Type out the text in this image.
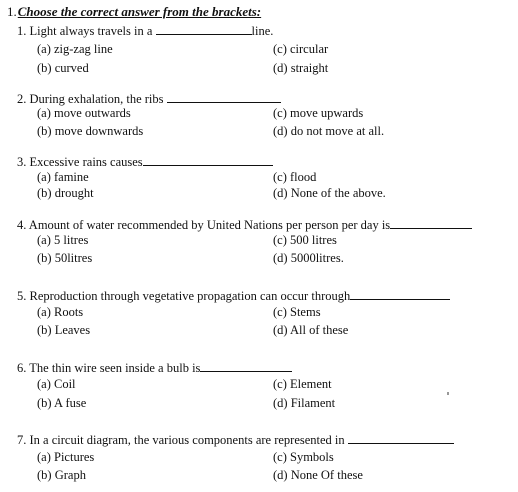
1.Choose the correct answer from the brackets:
1. Light always travels in a	line.
(a) zig-zag line	(c) circular
(b) curved	(d) straight
2. During exhalation, the ribs
(a) move outwards	(c) move upwards
(b) move downwards	(d) do not move at all.
3. Excessive rains causes
(a) famine	(c) flood
(b) drought	(d) None of the above.
4. Amount of water recommended by United Nations per person per day is
(a) 5 litres	(c) 500 litres
(b) 50litres	(d) 5000litres.
5. Reproduction through vegetative propagation can occur through
(a) Roots	(c) Stems
(b) Leaves	(d) All of these
6. The thin wire seen inside a bulb is
(a) Coil	(c) Element
(b) A fuse	(d) Filament
7. In a circuit diagram, the various components are represented in
(a) Pictures	(c) Symbols
(b) Graph	(d) None Of these
